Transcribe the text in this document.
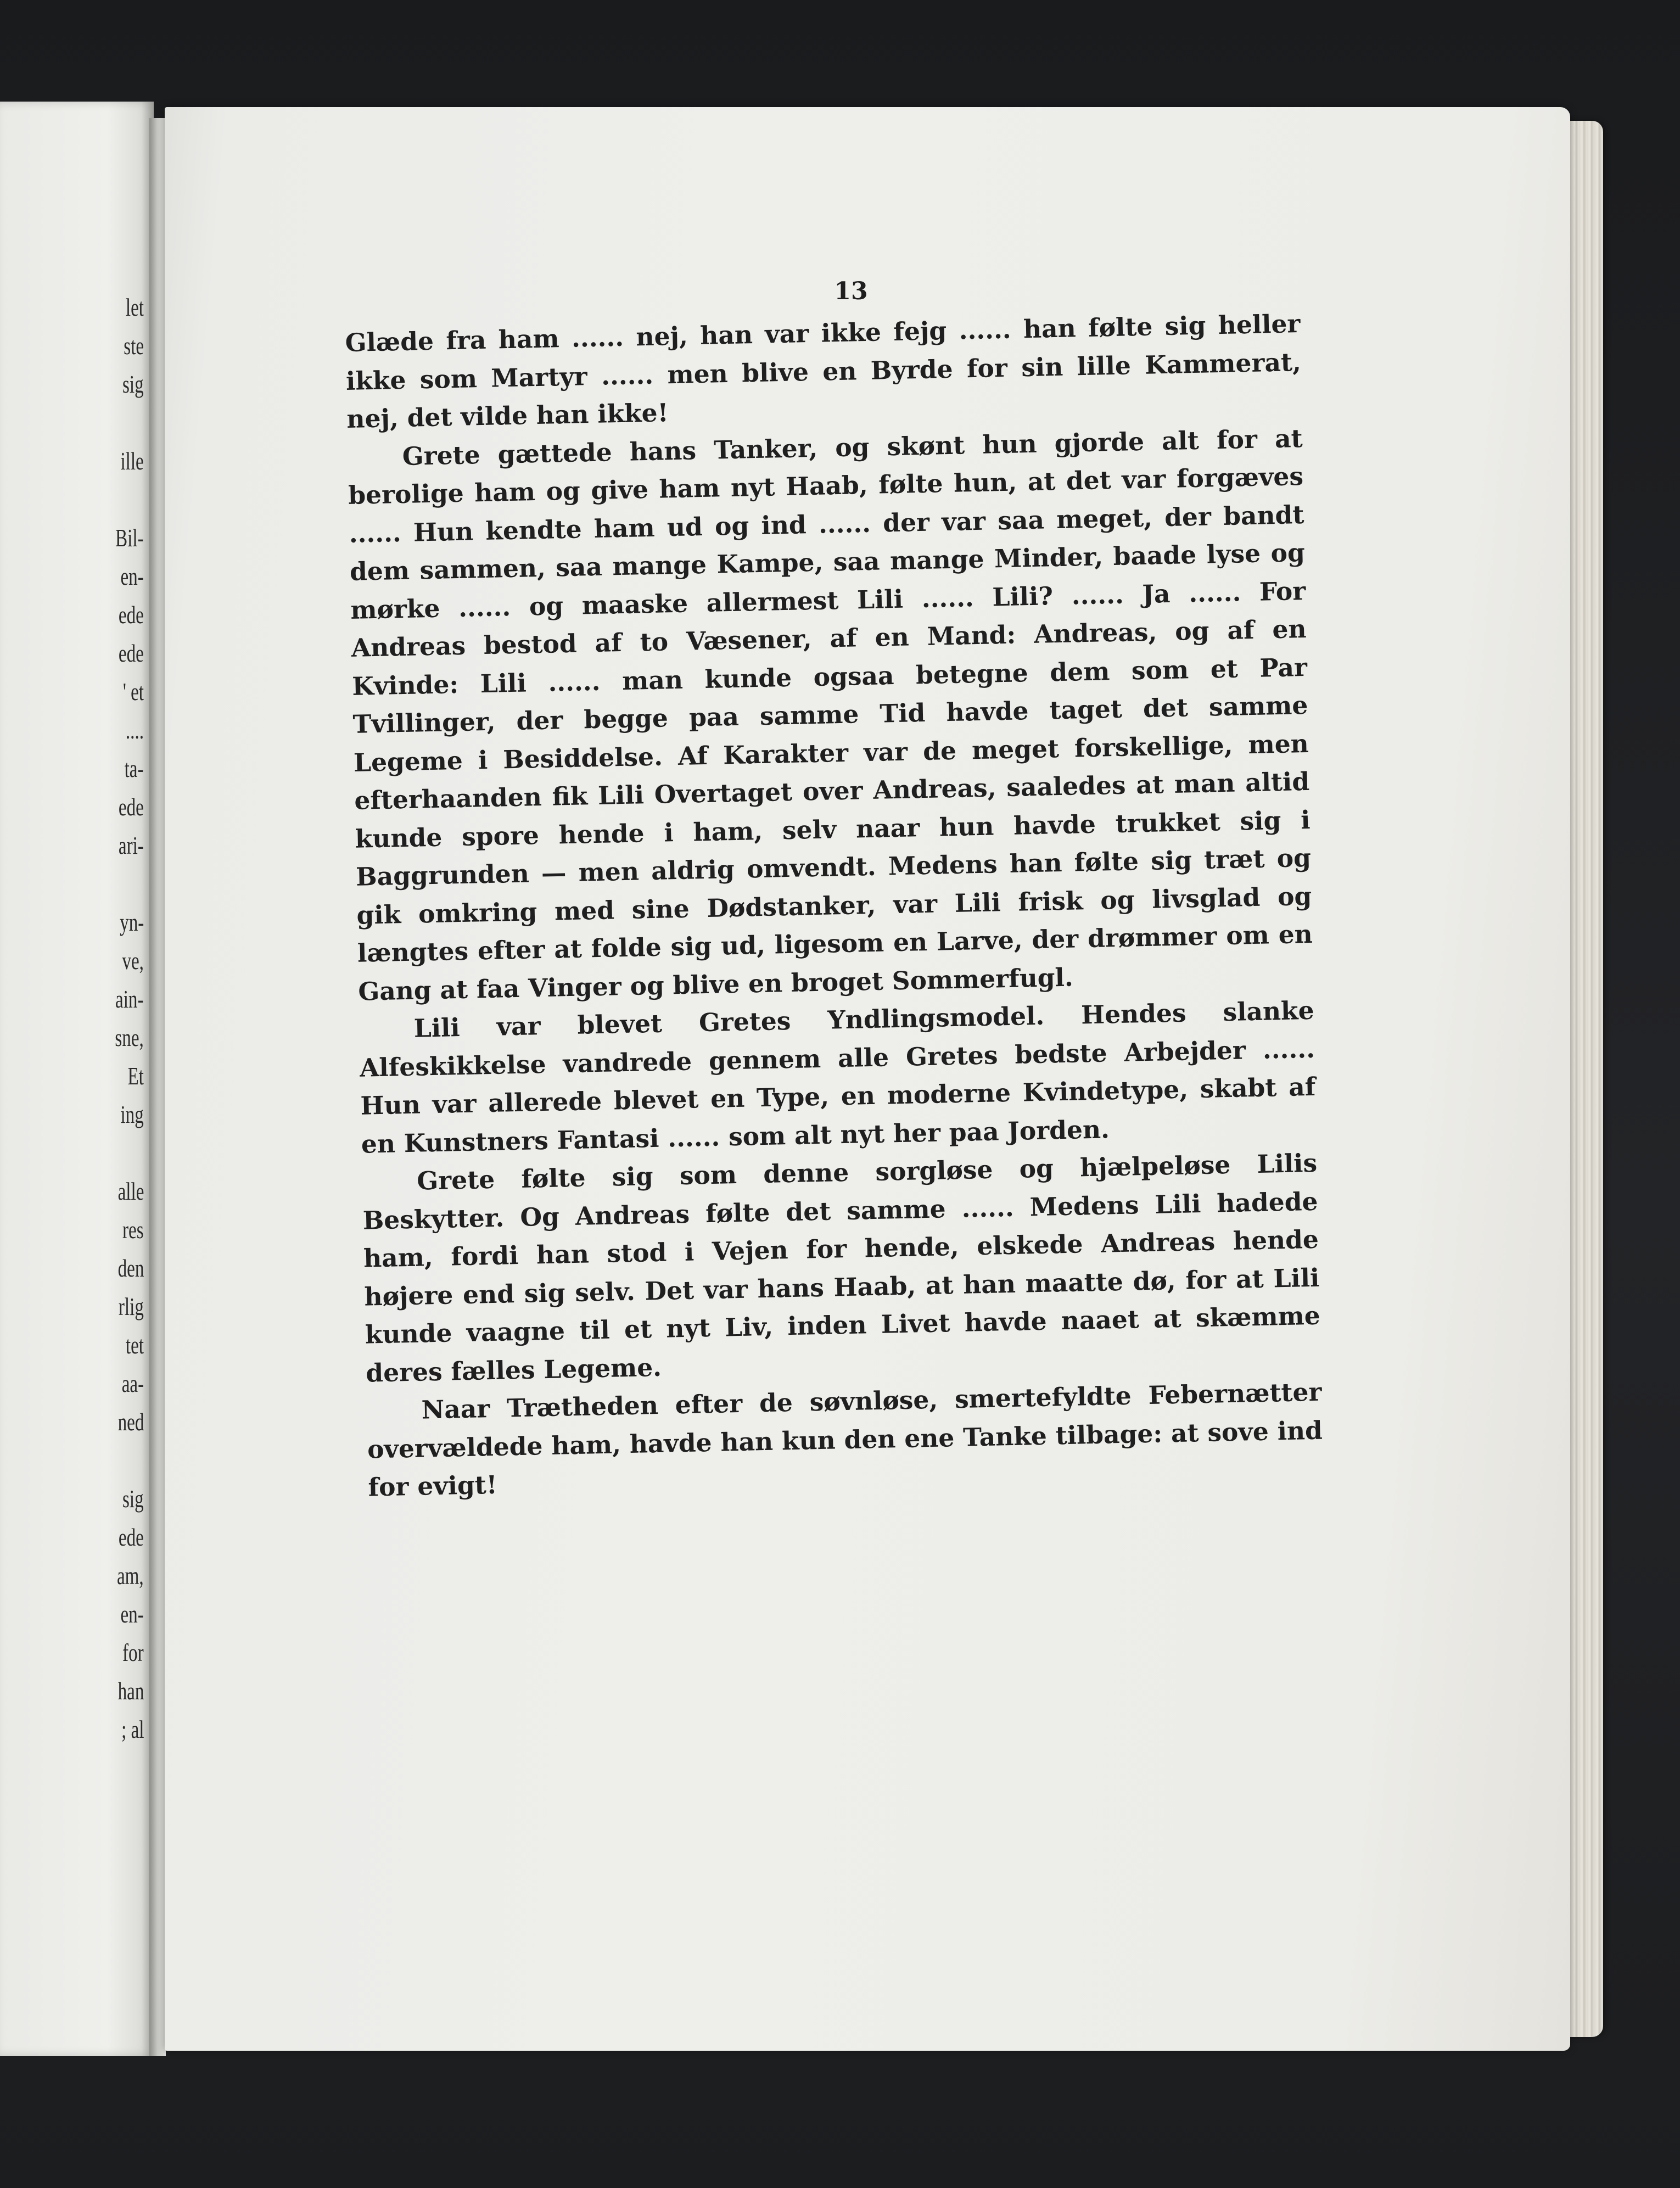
let
ste
sig
ille
Bil-
en-
ede
ede
' et
....
ta-
ede
ari-
yn-
ve,
ain-
sne,
Et
ing
alle
res
den
rlig
tet
aa-
ned
sig
ede
am,
en-
for
han
; al
13

Glæde fra ham ...... nej, han var ikke fejg ...... han følte sig heller ikke som Martyr ...... men blive en Byrde for sin lille Kammerat, nej, det vilde han ikke!

Grete gættede hans Tanker, og skønt hun gjorde alt for at berolige ham og give ham nyt Haab, følte hun, at det var forgæves ...... Hun kendte ham ud og ind ...... der var saa meget, der bandt dem sammen, saa mange Kampe, saa mange Minder, baade lyse og mørke ...... og maaske allermest Lili ...... Lili? ...... Ja ...... For Andreas bestod af to Væsener, af en Mand: Andreas, og af en Kvinde: Lili ...... man kunde ogsaa betegne dem som et Par Tvillinger, der begge paa samme Tid havde taget det samme Legeme i Besiddelse. Af Karakter var de meget forskellige, men efterhaanden fik Lili Overtaget over Andreas, saaledes at man altid kunde spore hende i ham, selv naar hun havde trukket sig i Baggrunden — men aldrig omvendt. Medens han følte sig træt og gik omkring med sine Dødstanker, var Lili frisk og livsglad og længtes efter at folde sig ud, ligesom en Larve, der drømmer om en Gang at faa Vinger og blive en broget Sommerfugl.

Lili var blevet Gretes Yndlingsmodel. Hendes slanke Alfeskikkelse vandrede gennem alle Gretes bedste Arbejder ...... Hun var allerede blevet en Type, en moderne Kvindetype, skabt af en Kunstners Fantasi ...... som alt nyt her paa Jorden.

Grete følte sig som denne sorgløse og hjælpeløse Lilis Beskytter. Og Andreas følte det samme ...... Medens Lili hadede ham, fordi han stod i Vejen for hende, elskede Andreas hende højere end sig selv. Det var hans Haab, at han maatte dø, for at Lili kunde vaagne til et nyt Liv, inden Livet havde naaet at skæmme deres fælles Legeme.

Naar Trætheden efter de søvnløse, smertefyldte Febernætter overvældede ham, havde han kun den ene Tanke tilbage: at sove ind for evigt!
